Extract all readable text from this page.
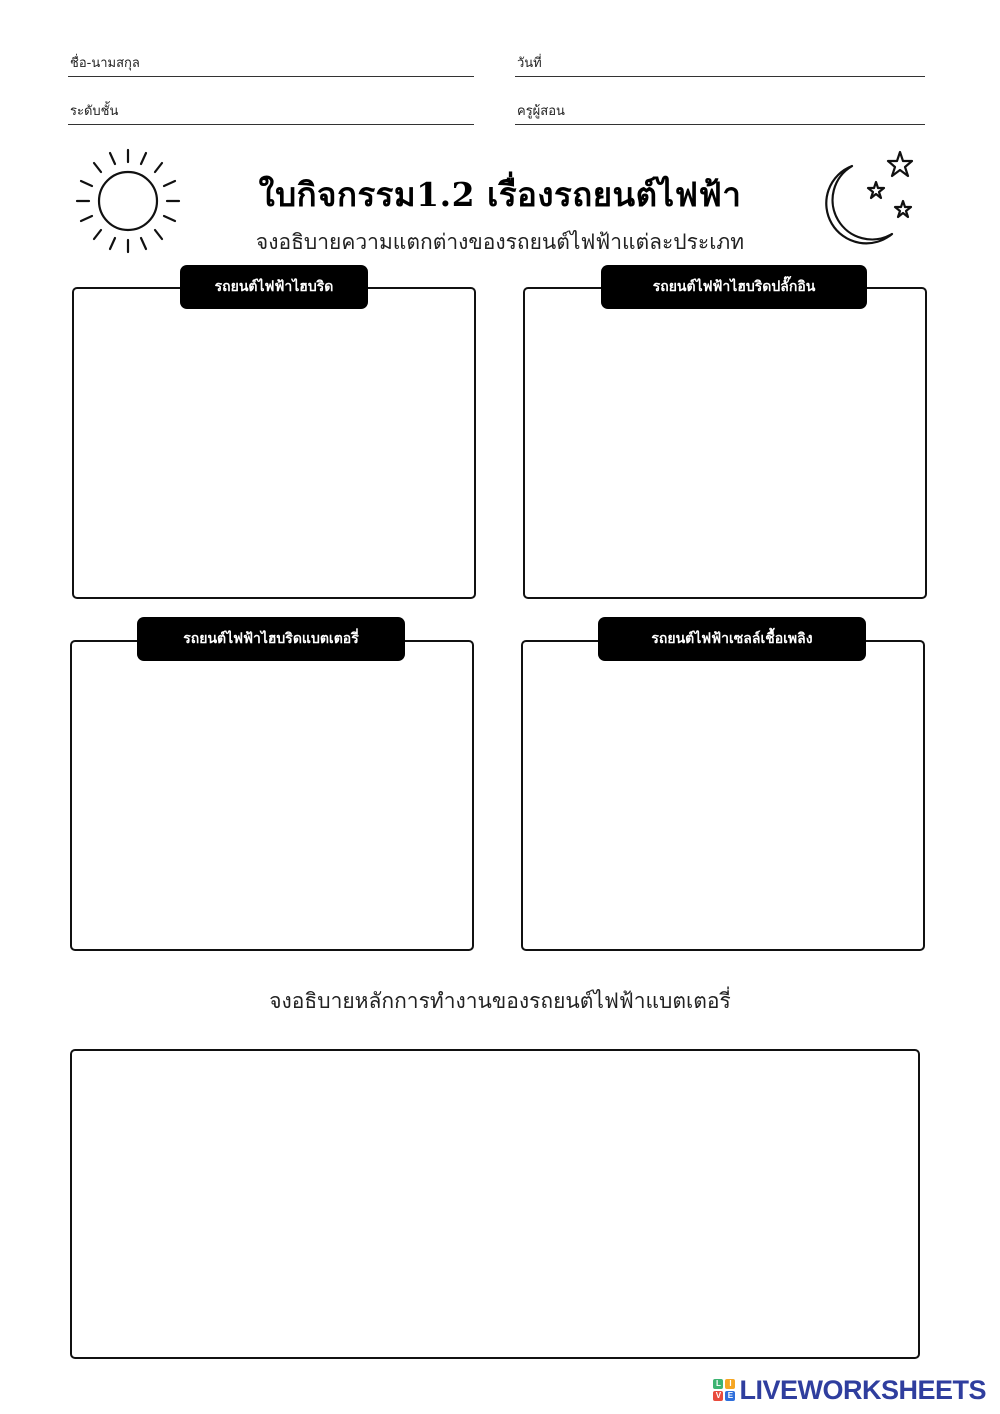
ชื่อ-นามสกุล	วันที่
ระดับชั้น	ครูผู้สอน
ใบกิจกรรม1.2 เรื่องรถยนต์ไฟฟ้า
จงอธิบายความแตกต่างของรถยนต์ไฟฟ้าแต่ละประเภท
รถยนต์ไฟฟ้าไฮบริด	รถยนต์ไฟฟ้าไฮบริดปลั๊กอิน
รถยนต์ไฟฟ้าไฮบริดแบตเตอรี่	รถยนต์ไฟฟ้าเซลล์เชื้อเพลิง
จงอธิบายหลักการทำงานของรถยนต์ไฟฟ้าแบตเตอรี่
L	I
V E LIVEWORKSHEETS
